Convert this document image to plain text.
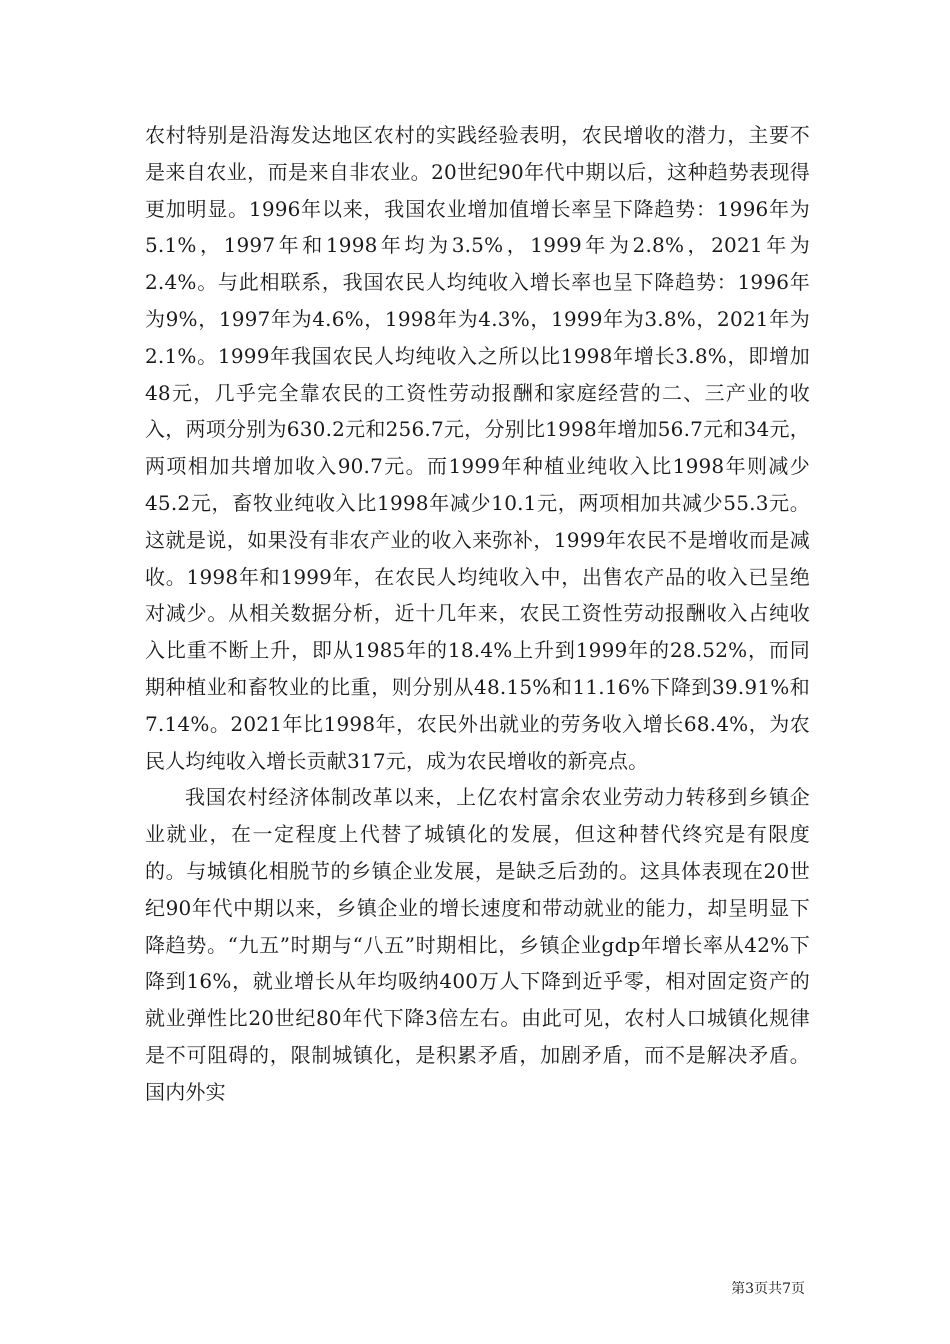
农村特别是沿海发达地区农村的实践经验表明，农民增收的潜力，主要不是来自农业，而是来自非农业。20世纪90年代中期以后，这种趋势表现得更加明显。1996年以来，我国农业增加值增长率呈下降趋势：1996年为5.1%，1997年和1998年均为3.5%，1999年为2.8%，2021年为2.4%。与此相联系，我国农民人均纯收入增长率也呈下降趋势：1996年为9%，1997年为4.6%，1998年为4.3%，1999年为3.8%，2021年为2.1%。1999年我国农民人均纯收入之所以比1998年增长3.8%，即增加48元，几乎完全靠农民的工资性劳动报酬和家庭经营的二、三产业的收入，两项分别为630.2元和256.7元，分别比1998年增加56.7元和34元，两项相加共增加收入90.7元。而1999年种植业纯收入比1998年则减少45.2元，畜牧业纯收入比1998年减少10.1元，两项相加共减少55.3元。这就是说，如果没有非农产业的收入来弥补，1999年农民不是增收而是减收。1998年和1999年，在农民人均纯收入中，出售农产品的收入已呈绝对减少。从相关数据分析，近十几年来，农民工资性劳动报酬收入占纯收入比重不断上升，即从1985年的18.4%上升到1999年的28.52%，而同期种植业和畜牧业的比重，则分别从48.15%和11.16%下降到39.91%和7.14%。2021年比1998年，农民外出就业的劳务收入增长68.4%，为农民人均纯收入增长贡献317元，成为农民增收的新亮点。

我国农村经济体制改革以来，上亿农村富余农业劳动力转移到乡镇企业就业，在一定程度上代替了城镇化的发展，但这种替代终究是有限度的。与城镇化相脱节的乡镇企业发展，是缺乏后劲的。这具体表现在20世纪90年代中期以来，乡镇企业的增长速度和带动就业的能力，却呈明显下降趋势。“九五”时期与“八五”时期相比，乡镇企业gdp年增长率从42%下降到16%，就业增长从年均吸纳400万人下降到近乎零，相对固定资产的就业弹性比20世纪80年代下降3倍左右。由此可见，农村人口城镇化规律是不可阻碍的，限制城镇化，是积累矛盾，加剧矛盾，而不是解决矛盾。国内外实

第3页共7页
